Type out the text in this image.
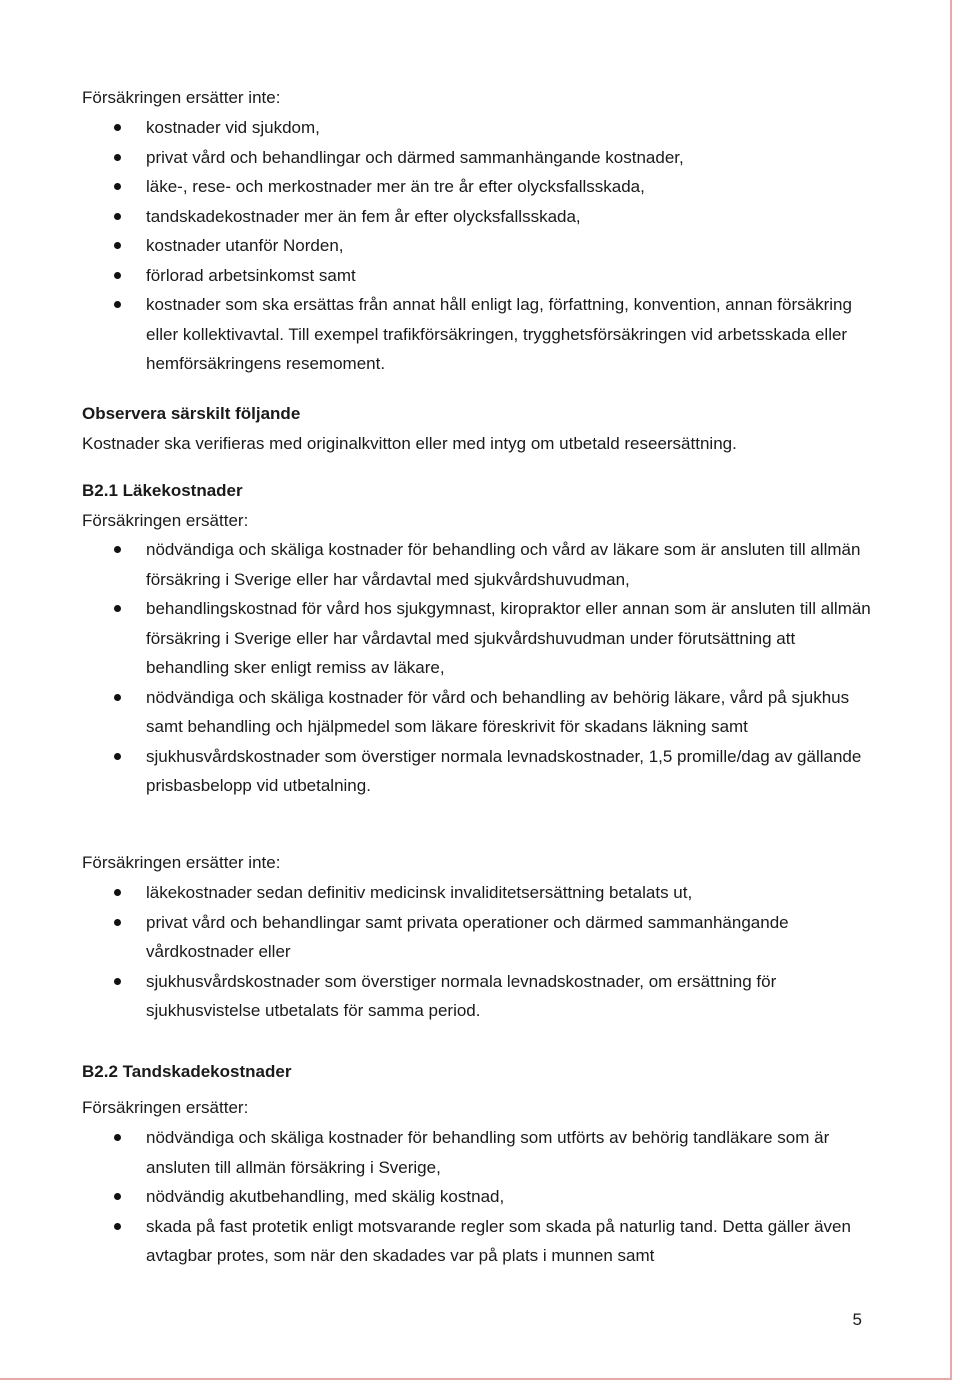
Försäkringen ersätter inte:
kostnader vid sjukdom,
privat vård och behandlingar och därmed sammanhängande kostnader,
läke-, rese- och merkostnader mer än tre år efter olycksfallsskada,
tandskadekostnader mer än fem år efter olycksfallsskada,
kostnader utanför Norden,
förlorad arbetsinkomst samt
kostnader som ska ersättas från annat håll enligt lag, författning, konvention, annan försäkring eller kollektivavtal. Till exempel trafikförsäkringen, trygghetsförsäkringen vid arbetsskada eller hemförsäkringens resemoment.
Observera särskilt följande
Kostnader ska verifieras med originalkvitton eller med intyg om utbetald reseersättning.
B2.1 Läkekostnader
Försäkringen ersätter:
nödvändiga och skäliga kostnader för behandling och vård av läkare som är ansluten till allmän försäkring i Sverige eller har vårdavtal med sjukvårdshuvudman,
behandlingskostnad för vård hos sjukgymnast, kiropraktor eller annan som är ansluten till allmän försäkring i Sverige eller har vårdavtal med sjukvårdshuvudman under förutsättning att behandling sker enligt remiss av läkare,
nödvändiga och skäliga kostnader för vård och behandling av behörig läkare, vård på sjukhus samt behandling och hjälpmedel som läkare föreskrivit för skadans läkning samt
sjukhusvårdskostnader som överstiger normala levnadskostnader, 1,5 promille/dag av gällande prisbasbelopp vid utbetalning.
Försäkringen ersätter inte:
läkekostnader sedan definitiv medicinsk invaliditetsersättning betalats ut,
privat vård och behandlingar samt privata operationer och därmed sammanhängande vårdkostnader eller
sjukhusvårdskostnader som överstiger normala levnadskostnader, om ersättning för sjukhusvistelse utbetalats för samma period.
B2.2 Tandskadekostnader
Försäkringen ersätter:
nödvändiga och skäliga kostnader för behandling som utförts av behörig tandläkare som är ansluten till allmän försäkring i Sverige,
nödvändig akutbehandling, med skälig kostnad,
skada på fast protetik enligt motsvarande regler som skada på naturlig tand. Detta gäller även avtagbar protes, som när den skadades var på plats i munnen samt
5
